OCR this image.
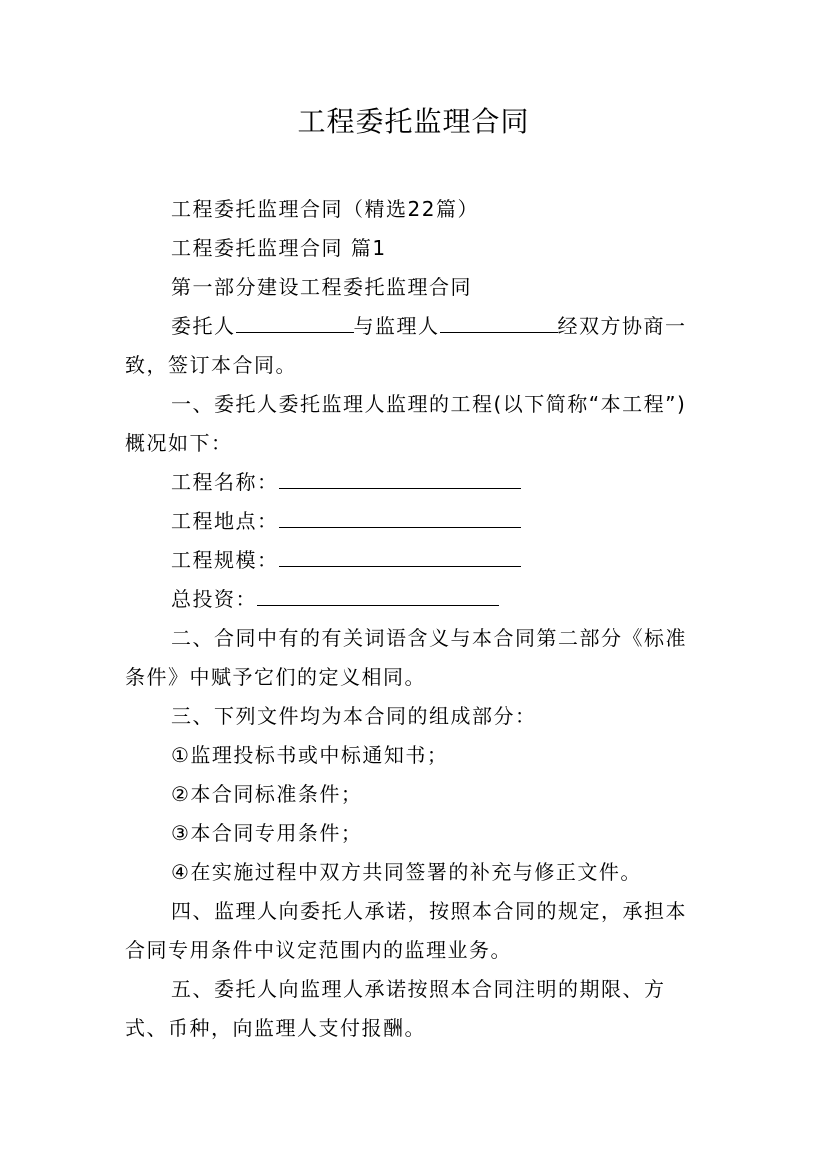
工程委托监理合同

工程委托监理合同（精选22篇）

工程委托监理合同 篇1

第一部分建设工程委托监理合同

委托人	与监理人	经双方协商一致，签订本合同。

一、委托人委托监理人监理的工程(以下简称“本工程”)概况如下：

工程名称：

工程地点：

工程规模：

总投资：

二、合同中有的有关词语含义与本合同第二部分《标准条件》中赋予它们的定义相同。

三、下列文件均为本合同的组成部分：

①监理投标书或中标通知书；

②本合同标准条件；

③本合同专用条件；

④在实施过程中双方共同签署的补充与修正文件。

四、监理人向委托人承诺，按照本合同的规定，承担本合同专用条件中议定范围内的监理业务。

五、委托人向监理人承诺按照本合同注明的期限、方式、币种，向监理人支付报酬。
